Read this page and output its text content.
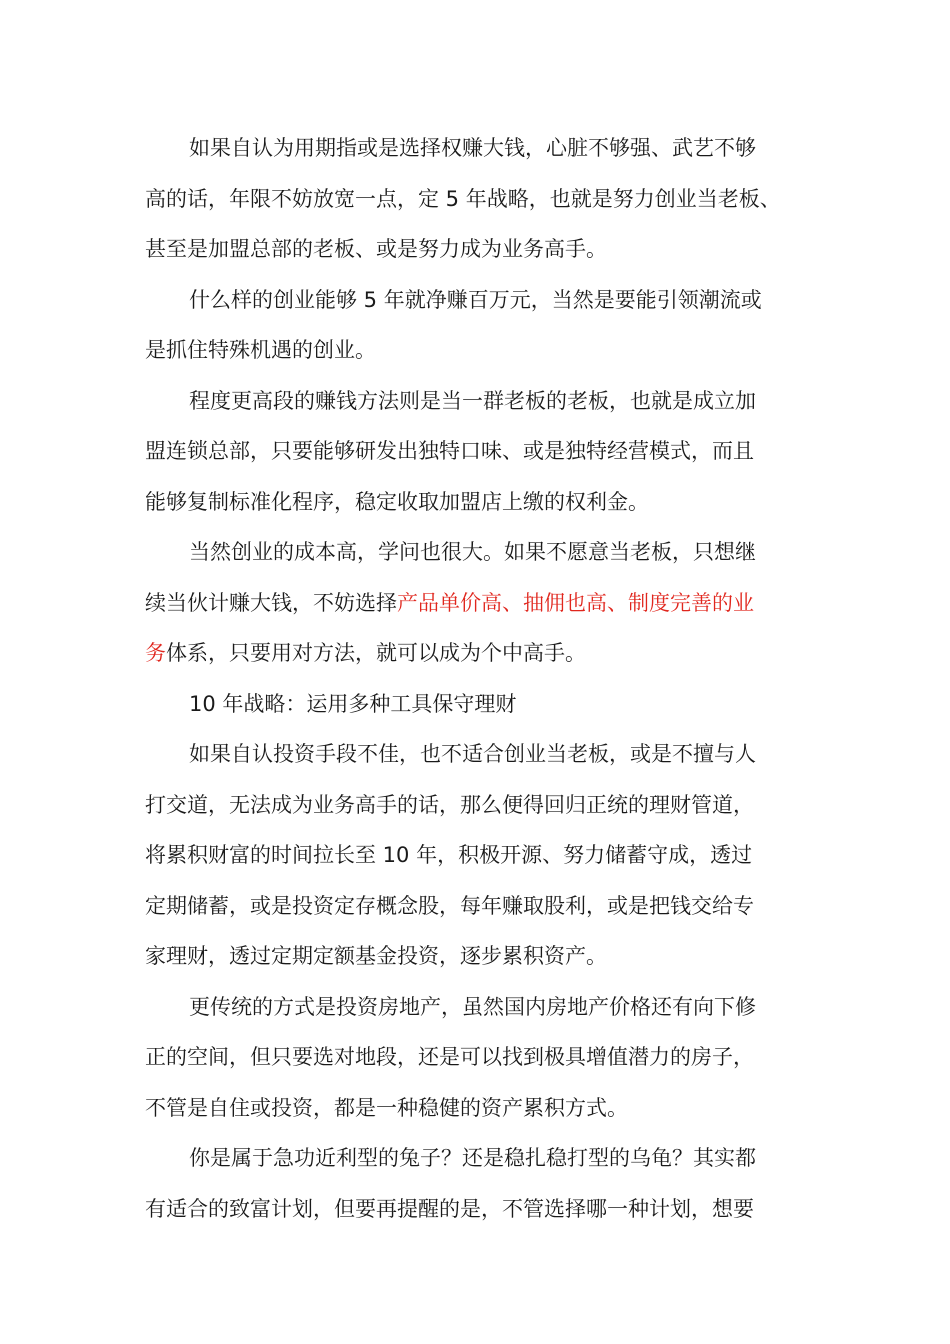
如果自认为用期指或是选择权赚大钱，心脏不够强、武艺不够
高的话，年限不妨放宽一点，定 5 年战略，也就是努力创业当老板、
甚至是加盟总部的老板、或是努力成为业务高手。

什么样的创业能够 5 年就净赚百万元，当然是要能引领潮流或
是抓住特殊机遇的创业。

程度更高段的赚钱方法则是当一群老板的老板，也就是成立加
盟连锁总部，只要能够研发出独特口味、或是独特经营模式，而且
能够复制标准化程序，稳定收取加盟店上缴的权利金。

当然创业的成本高，学问也很大。如果不愿意当老板，只想继
续当伙计赚大钱，不妨选择产品单价高、抽佣也高、制度完善的业
务体系，只要用对方法，就可以成为个中高手。

10 年战略：运用多种工具保守理财

如果自认投资手段不佳，也不适合创业当老板，或是不擅与人
打交道，无法成为业务高手的话，那么便得回归正统的理财管道，
将累积财富的时间拉长至 10 年，积极开源、努力储蓄守成，透过
定期储蓄，或是投资定存概念股，每年赚取股利，或是把钱交给专
家理财，透过定期定额基金投资，逐步累积资产。

更传统的方式是投资房地产，虽然国内房地产价格还有向下修
正的空间，但只要选对地段，还是可以找到极具增值潜力的房子，
不管是自住或投资，都是一种稳健的资产累积方式。

你是属于急功近利型的兔子？还是稳扎稳打型的乌龟？其实都
有适合的致富计划，但要再提醒的是，不管选择哪一种计划，想要
